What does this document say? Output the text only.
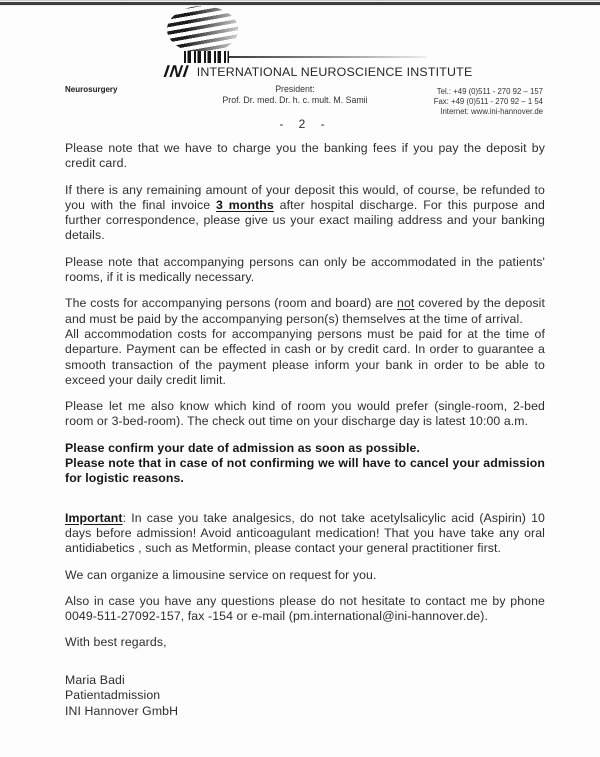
INI INTERNATIONAL NEUROSCIENCE INSTITUTE
Neurosurgery	President:
Prof. Dr. med. Dr. h. c. mult. M. Samii
Tel.: +49 (0)511 - 270 92 – 157
Fax: +49 (0)511 - 270 92 – 1 54
Internet: www.ini-hannover.de
- 2 -

Please note that we have to charge you the banking fees if you pay the deposit by credit card.

If there is any remaining amount of your deposit this would, of course, be refunded to you with the final invoice 3 months after hospital discharge. For this purpose and further correspondence, please give us your exact mailing address and your banking details.

Please note that accompanying persons can only be accommodated in the patients' rooms, if it is medically necessary.

The costs for accompanying persons (room and board) are not covered by the deposit and must be paid by the accompanying person(s) themselves at the time of arrival.

All accommodation costs for accompanying persons must be paid for at the time of departure. Payment can be effected in cash or by credit card. In order to guarantee a smooth transaction of the payment please inform your bank in order to be able to exceed your daily credit limit.

Please let me also know which kind of room you would prefer (single-room, 2-bed room or 3-bed-room). The check out time on your discharge day is latest 10:00 a.m.

Please confirm your date of admission as soon as possible.

Please note that in case of not confirming we will have to cancel your admission for logistic reasons.

Important: In case you take analgesics, do not take acetylsalicylic acid (Aspirin) 10 days before admission! Avoid anticoagulant medication! That you have take any oral antidiabetics , such as Metformin, please contact your general practitioner first.

We can organize a limousine service on request for you.

Also in case you have any questions please do not hesitate to contact me by phone 0049-511-27092-157, fax -154 or e-mail (pm.international@ini-hannover.de).

With best regards,

Maria Badi
Patientadmission
INI Hannover GmbH
